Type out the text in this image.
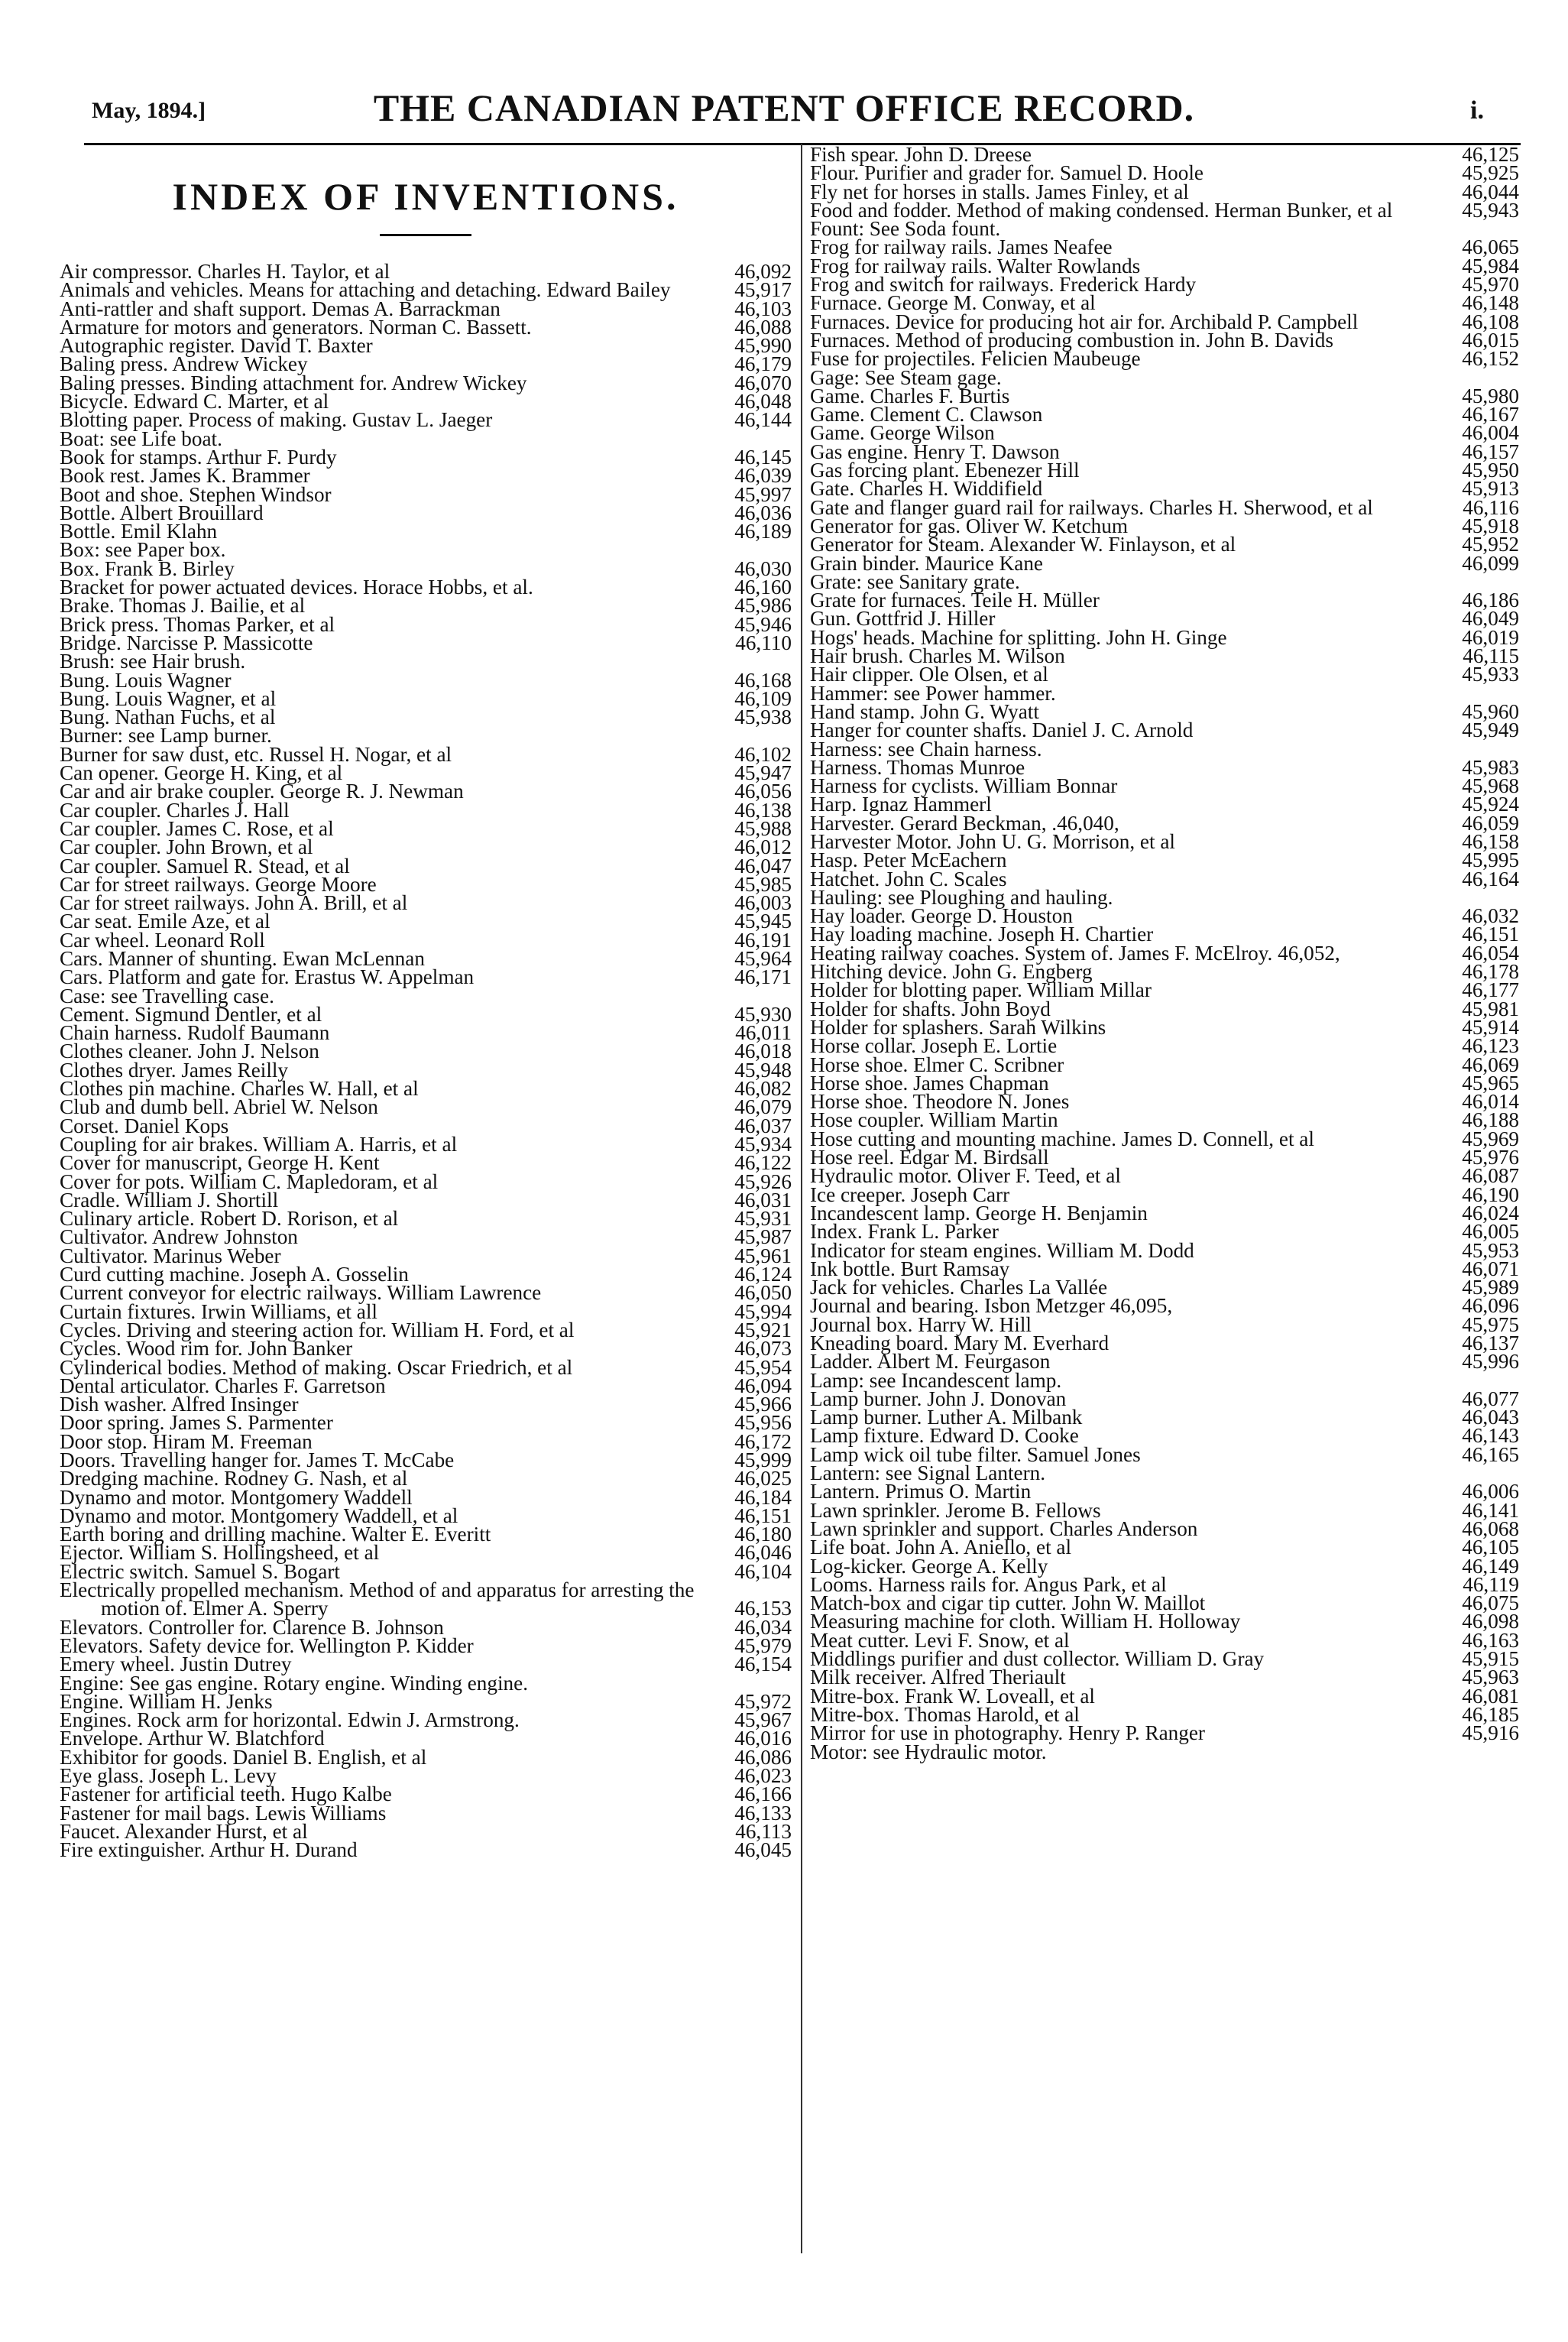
May, 1894.]	THE CANADIAN PATENT OFFICE RECORD.	i.
INDEX OF INVENTIONS.
Air compressor. Charles H. Taylor, et al	46,092
Animals and vehicles. Means for attaching and detaching. Edward Bailey	45,917
Anti-rattler and shaft support. Demas A. Barrackman	46,103
Armature for motors and generators. Norman C. Bassett.	46,088
Autographic register. David T. Baxter	45,990
Baling press. Andrew Wickey	46,179
Baling presses. Binding attachment for. Andrew Wickey	46,070
Bicycle. Edward C. Marter, et al	46,048
Blotting paper. Process of making. Gustav L. Jaeger	46,144
Boat: see Life boat.
Book for stamps. Arthur F. Purdy	46,145
Book rest. James K. Brammer	46,039
Boot and shoe. Stephen Windsor	45,997
Bottle. Albert Brouillard	46,036
Bottle. Emil Klahn	46,189
Box: see Paper box.
Box. Frank B. Birley	46,030
Bracket for power actuated devices. Horace Hobbs, et al.	46,160
Brake. Thomas J. Bailie, et al	45,986
Brick press. Thomas Parker, et al	45,946
Bridge. Narcisse P. Massicotte	46,110
Brush: see Hair brush.
Bung. Louis Wagner	46,168
Bung. Louis Wagner, et al	46,109
Bung. Nathan Fuchs, et al	45,938
Burner: see Lamp burner.
Burner for saw dust, etc. Russel H. Nogar, et al	46,102
Can opener. George H. King, et al	45,947
Car and air brake coupler. George R. J. Newman	46,056
Car coupler. Charles J. Hall	46,138
Car coupler. James C. Rose, et al	45,988
Car coupler. John Brown, et al	46,012
Car coupler. Samuel R. Stead, et al	46,047
Car for street railways. George Moore	45,985
Car for street railways. John A. Brill, et al	46,003
Car seat. Emile Aze, et al	45,945
Car wheel. Leonard Roll	46,191
Cars. Manner of shunting. Ewan McLennan	45,964
Cars. Platform and gate for. Erastus W. Appelman	46,171
Case: see Travelling case.
Cement. Sigmund Dentler, et al	45,930
Chain harness. Rudolf Baumann	46,011
Clothes cleaner. John J. Nelson	46,018
Clothes dryer. James Reilly	45,948
Clothes pin machine. Charles W. Hall, et al	46,082
Club and dumb bell. Abriel W. Nelson	46,079
Corset. Daniel Kops	46,037
Coupling for air brakes. William A. Harris, et al	45,934
Cover for manuscript, George H. Kent	46,122
Cover for pots. William C. Mapledoram, et al	45,926
Cradle. William J. Shortill	46,031
Culinary article. Robert D. Rorison, et al	45,931
Cultivator. Andrew Johnston	45,987
Cultivator. Marinus Weber	45,961
Curd cutting machine. Joseph A. Gosselin	46,124
Current conveyor for electric railways. William Lawrence	46,050
Curtain fixtures. Irwin Williams, et all	45,994
Cycles. Driving and steering action for. William H. Ford, et al	45,921
Cycles. Wood rim for. John Banker	46,073
Cylinderical bodies. Method of making. Oscar Friedrich, et al	45,954
Dental articulator. Charles F. Garretson	46,094
Dish washer. Alfred Insinger	45,966
Door spring. James S. Parmenter	45,956
Door stop. Hiram M. Freeman	46,172
Doors. Travelling hanger for. James T. McCabe	45,999
Dredging machine. Rodney G. Nash, et al	46,025
Dynamo and motor. Montgomery Waddell	46,184
Dynamo and motor. Montgomery Waddell, et al	46,151
Earth boring and drilling machine. Walter E. Everitt	46,180
Ejector. William S. Hollingsheed, et al	46,046
Electric switch. Samuel S. Bogart	46,104
Electrically propelled mechanism. Method of and apparatus for arresting the motion of. Elmer A. Sperry	46,153
Elevators. Controller for. Clarence B. Johnson	46,034
Elevators. Safety device for. Wellington P. Kidder	45,979
Emery wheel. Justin Dutrey	46,154
Engine: See gas engine. Rotary engine. Winding engine.
Engine. William H. Jenks	45,972
Engines. Rock arm for horizontal. Edwin J. Armstrong.	45,967
Envelope. Arthur W. Blatchford	46,016
Exhibitor for goods. Daniel B. English, et al	46,086
Eye glass. Joseph L. Levy	46,023
Fastener for artificial teeth. Hugo Kalbe	46,166
Fastener for mail bags. Lewis Williams	46,133
Faucet. Alexander Hurst, et al	46,113
Fire extinguisher. Arthur H. Durand	46,045
Fish spear. John D. Dreese	46,125
Flour. Purifier and grader for. Samuel D. Hoole	45,925
Fly net for horses in stalls. James Finley, et al	46,044
Food and fodder. Method of making condensed. Herman Bunker, et al	45,943
Fount: See Soda fount.
Frog for railway rails. James Neafee	46,065
Frog for railway rails. Walter Rowlands	45,984
Frog and switch for railways. Frederick Hardy	45,970
Furnace. George M. Conway, et al	46,148
Furnaces. Device for producing hot air for. Archibald P. Campbell	46,108
Furnaces. Method of producing combustion in. John B. Davids	46,015
Fuse for projectiles. Felicien Maubeuge	46,152
Gage: See Steam gage.
Game. Charles F. Burtis	45,980
Game. Clement C. Clawson	46,167
Game. George Wilson	46,004
Gas engine. Henry T. Dawson	46,157
Gas forcing plant. Ebenezer Hill	45,950
Gate. Charles H. Widdifield	45,913
Gate and flanger guard rail for railways. Charles H. Sherwood, et al	46,116
Generator for gas. Oliver W. Ketchum	45,918
Generator for Steam. Alexander W. Finlayson, et al	45,952
Grain binder. Maurice Kane	46,099
Grate: see Sanitary grate.
Grate for furnaces. Teile H. Müller	46,186
Gun. Gottfrid J. Hiller	46,049
Hogs' heads. Machine for splitting. John H. Ginge	46,019
Hair brush. Charles M. Wilson	46,115
Hair clipper. Ole Olsen, et al	45,933
Hammer: see Power hammer.
Hand stamp. John G. Wyatt	45,960
Hanger for counter shafts. Daniel J. C. Arnold	45,949
Harness: see Chain harness.
Harness. Thomas Munroe	45,983
Harness for cyclists. William Bonnar	45,968
Harp. Ignaz Hammerl	45,924
Harvester. Gerard Beckman, .46,040,	46,059
Harvester Motor. John U. G. Morrison, et al	46,158
Hasp. Peter McEachern	45,995
Hatchet. John C. Scales	46,164
Hauling: see Ploughing and hauling.
Hay loader. George D. Houston	46,032
Hay loading machine. Joseph H. Chartier	46,151
Heating railway coaches. System of. James F. McElroy. 46,052,	46,054
Hitching device. John G. Engberg	46,178
Holder for blotting paper. William Millar	46,177
Holder for shafts. John Boyd	45,981
Holder for splashers. Sarah Wilkins	45,914
Horse collar. Joseph E. Lortie	46,123
Horse shoe. Elmer C. Scribner	46,069
Horse shoe. James Chapman	45,965
Horse shoe. Theodore N. Jones	46,014
Hose coupler. William Martin	46,188
Hose cutting and mounting machine. James D. Connell, et al	45,969
Hose reel. Edgar M. Birdsall	45,976
Hydraulic motor. Oliver F. Teed, et al	46,087
Ice creeper. Joseph Carr	46,190
Incandescent lamp. George H. Benjamin	46,024
Index. Frank L. Parker	46,005
Indicator for steam engines. William M. Dodd	45,953
Ink bottle. Burt Ramsay	46,071
Jack for vehicles. Charles La Vallée	45,989
Journal and bearing. Isbon Metzger 46,095,	46,096
Journal box. Harry W. Hill	45,975
Kneading board. Mary M. Everhard	46,137
Ladder. Albert M. Feurgason	45,996
Lamp: see Incandescent lamp.
Lamp burner. John J. Donovan	46,077
Lamp burner. Luther A. Milbank	46,043
Lamp fixture. Edward D. Cooke	46,143
Lamp wick oil tube filter. Samuel Jones	46,165
Lantern: see Signal Lantern.
Lantern. Primus O. Martin	46,006
Lawn sprinkler. Jerome B. Fellows	46,141
Lawn sprinkler and support. Charles Anderson	46,068
Life boat. John A. Aniello, et al	46,105
Log-kicker. George A. Kelly	46,149
Looms. Harness rails for. Angus Park, et al	46,119
Match-box and cigar tip cutter. John W. Maillot	46,075
Measuring machine for cloth. William H. Holloway	46,098
Meat cutter. Levi F. Snow, et al	46,163
Middlings purifier and dust collector. William D. Gray	45,915
Milk receiver. Alfred Theriault	45,963
Mitre-box. Frank W. Loveall, et al	46,081
Mitre-box. Thomas Harold, et al	46,185
Mirror for use in photography. Henry P. Ranger	45,916
Motor: see Hydraulic motor.
